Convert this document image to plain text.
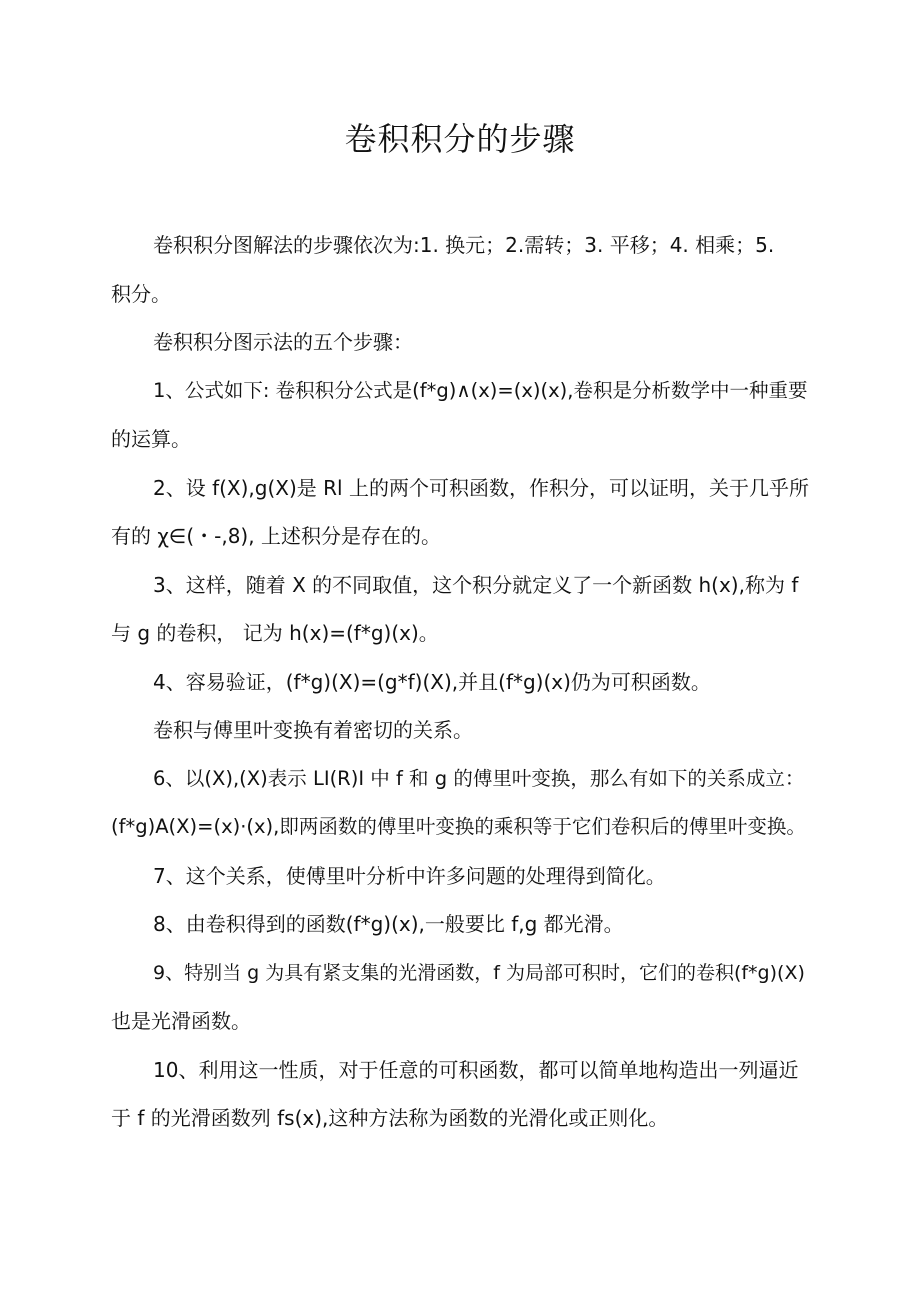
卷积积分的步骤
卷积积分图解法的步骤依次为:1. 换元；2.需转；3. 平移；4. 相乘；5.
积分。
卷积积分图示法的五个步骤：
1、公式如下: 卷积积分公式是(f*g)∧(x)=(x)(x),卷积是分析数学中一种重要
的运算。
2、设 f(X),g(X)是 Rl 上的两个可积函数，作积分，可以证明，关于几乎所
有的 χ∈(・-,8), 上述积分是存在的。
3、这样，随着 X 的不同取值，这个积分就定义了一个新函数 h(x),称为 f
与 g 的卷积， 记为 h(x)=(f*g)(x)。
4、容易验证，(f*g)(X)=(g*f)(X),并且(f*g)(x)仍为可积函数。
卷积与傅里叶变换有着密切的关系。
6、以(X),(X)表示 LI(R)I 中 f 和 g 的傅里叶变换，那么有如下的关系成立：
(f*g)A(X)=(x)·(x),即两函数的傅里叶变换的乘积等于它们卷积后的傅里叶变换。
7、这个关系，使傅里叶分析中许多问题的处理得到简化。
8、由卷积得到的函数(f*g)(x),一般要比 f,g 都光滑。
9、特别当 g 为具有紧支集的光滑函数，f 为局部可积时，它们的卷积(f*g)(X)
也是光滑函数。
10、利用这一性质，对于任意的可积函数，都可以简单地构造出一列逼近
于 f 的光滑函数列 fs(x),这种方法称为函数的光滑化或正则化。
